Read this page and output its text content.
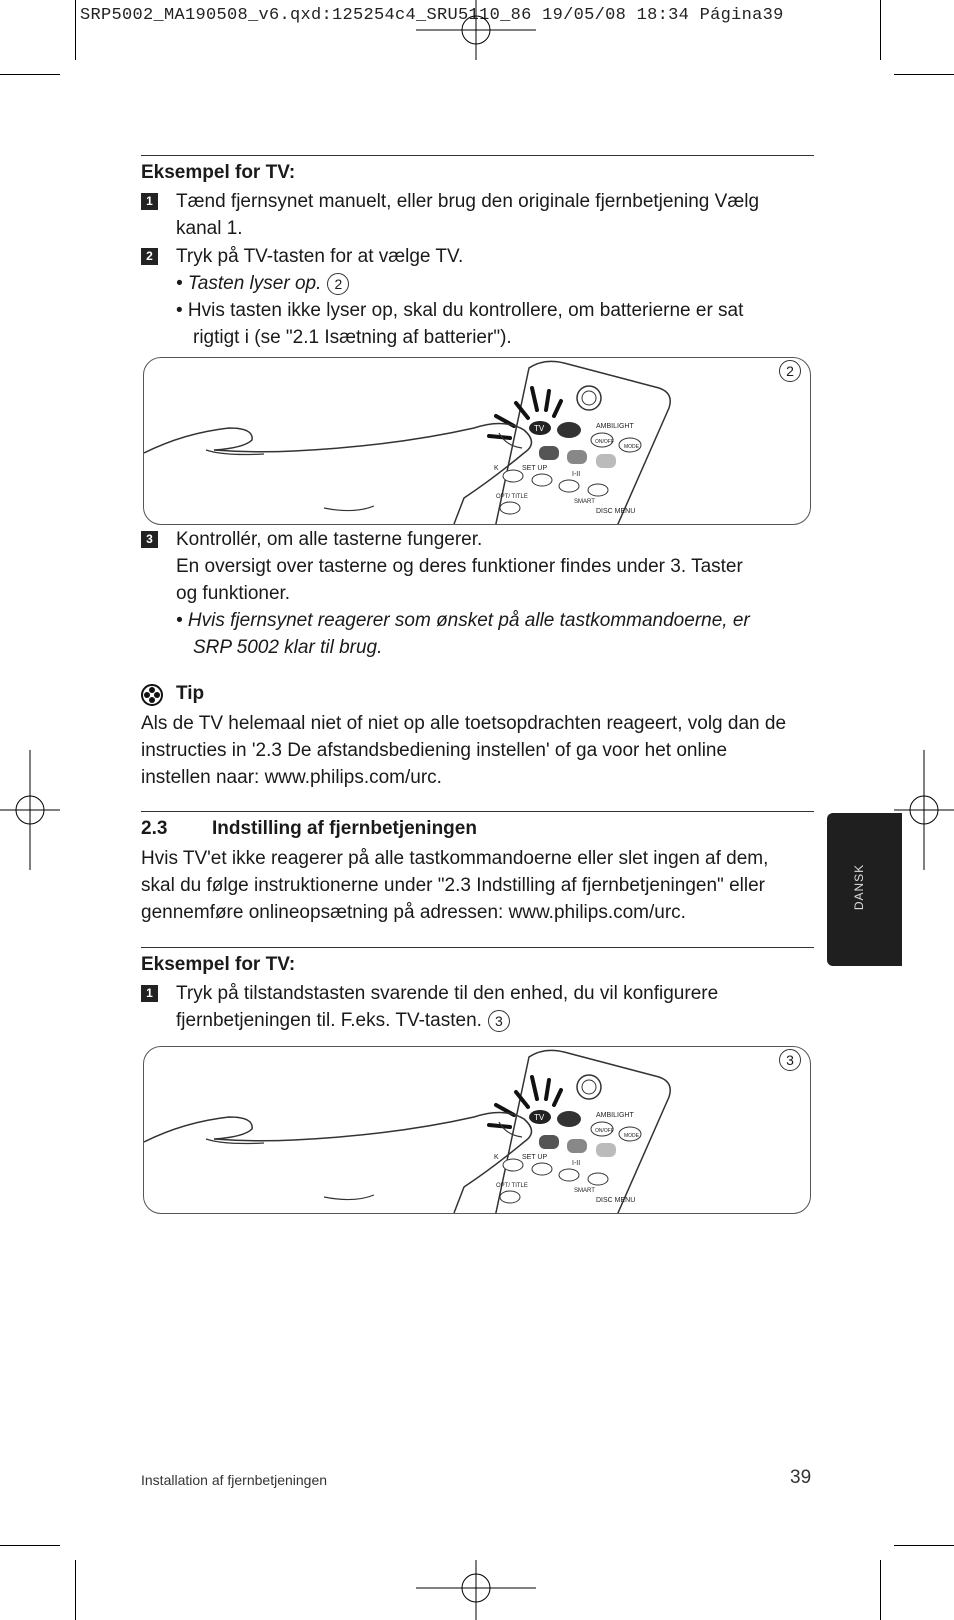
SRP5002_MA190508_v6.qxd:125254c4_SRU5110_86 19/05/08 18:34 Página39
Eksempel for TV:
1 Tænd fjernsynet manuelt, eller brug den originale fjernbetjening Vælg
kanal 1.
2 Tryk på TV-tasten for at vælge TV.
• Tasten lyser op. 2
• Hvis tasten ikke lyser op, skal du kontrollere, om batterierne er sat
rigtigt i (se "2.1 Isætning af batterier").
TV	AMBILIGHT
ON/OFF
MODE
SET UP
I-II
K
OPT/ TITLE
SMART
DISC MENU
2
3 Kontrollér, om alle tasterne fungerer.
En oversigt over tasterne og deres funktioner findes under 3. Taster
og funktioner.
• Hvis fjernsynet reagerer som ønsket på alle tastkommandoerne, er
SRP 5002 klar til brug.
Tip
Als de TV helemaal niet of niet op alle toetsopdrachten reageert, volg dan de
instructies in '2.3 De afstandsbediening instellen' of ga voor het online
instellen naar: www.philips.com/urc.
2.3 Indstilling af fjernbetjeningen
Hvis TV'et ikke reagerer på alle tastkommandoerne eller slet ingen af dem,
skal du følge instruktionerne under "2.3 Indstilling af fjernbetjeningen" eller
gennemføre onlineopsætning på adressen: www.philips.com/urc.
Eksempel for TV:
1 Tryk på tilstandstasten svarende til den enhed, du vil konfigurere
fjernbetjeningen til. F.eks. TV-tasten. 3
TV	AMBILIGHT
ON/OFF
MODE
SET UP
I-II
K
OPT/ TITLE
SMART
DISC MENU
3
DANSK
Installation af fjernbetjeningen	39
